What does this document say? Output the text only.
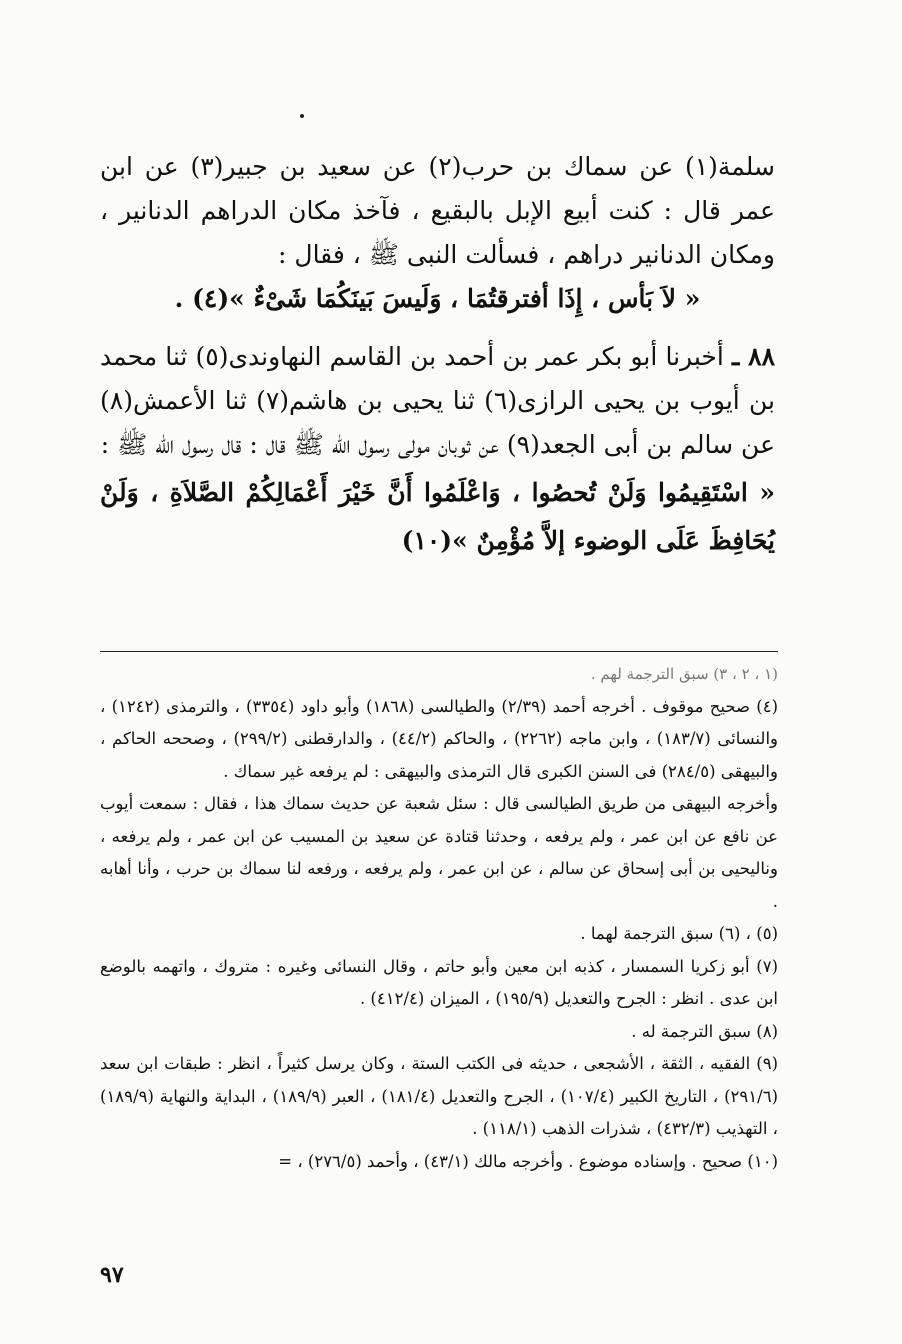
سلمة(١) عن سماك بن حرب(٢) عن سعيد بن جبير(٣) عن ابن عمر قال : كنت أبيع الإبل بالبقيع ، فآخذ مكان الدراهم الدنانير ، ومكان الدنانير دراهم ، فسألت النبى ﷺ ، فقال :

« لاَ بَأس ، إِذَا أفترقتُمَا ، وَلَيسَ بَينَكُمَا شَىْءٌ »(٤) .

٨٨ ـ أخبرنا أبو بكر عمر بن أحمد بن القاسم النهاوندى(٥) ثنا محمد بن أيوب بن يحيى الرازى(٦) ثنا يحيى بن هاشم(٧) ثنا الأعمش(٨) عن سالم بن أبى الجعد(٩) عن ثوبان مولى رسول الله ﷺ قال : قال رسول الله ﷺ :

« اسْتَقِيمُوا وَلَنْ تُحصُوا ، وَاعْلَمُوا أَنَّ خَيْرَ أَعْمَالِكُمْ الصَّلاَةِ ، وَلَنْ يُحَافِظَ عَلَى الوضوء إلاَّ مُؤْمِنٌ »(١٠)

(١ ، ٢ ، ٣) سبق الترجمة لهم .

(٤) صحيح موقوف . أخرجه أحمد (٢/٣٩) والطيالسى (١٨٦٨) وأبو داود (٣٣٥٤) ، والترمذى (١٢٤٢) ، والنسائى (١٨٣/٧) ، وابن ماجه (٢٢٦٢) ، والحاكم (٤٤/٢) ، والدارقطنى (٢٩٩/٢) ، وصححه الحاكم ، والبيهقى (٢٨٤/٥) فى السنن الكبرى قال الترمذى والبيهقى : لم يرفعه غير سماك .

وأخرجه البيهقى من طريق الطيالسى قال : سئل شعبة عن حديث سماك هذا ، فقال : سمعت أيوب عن نافع عن ابن عمر ، ولم يرفعه ، وحدثنا قتادة عن سعيد بن المسيب عن ابن عمر ، ولم يرفعه ، وناليحيى بن أبى إسحاق عن سالم ، عن ابن عمر ، ولم يرفعه ، ورفعه لنا سماك بن حرب ، وأنا أهابه .

(٥) ، (٦) سبق الترجمة لهما .

(٧) أبو زكريا السمسار ، كذبه ابن معين وأبو حاتم ، وقال النسائى وغيره : متروك ، واتهمه بالوضع ابن عدى . انظر : الجرح والتعديل (١٩٥/٩) ، الميزان (٤١٢/٤) .

(٨) سبق الترجمة له .

(٩) الفقيه ، الثقة ، الأشجعى ، حديثه فى الكتب الستة ، وكان يرسل كثيراً ، انظر : طبقات ابن سعد (٢٩١/٦) ، التاريخ الكبير (١٠٧/٤) ، الجرح والتعديل (١٨١/٤) ، العبر (١٨٩/٩) ، البداية والنهاية (١٨٩/٩) ، التهذيب (٤٣٢/٣) ، شذرات الذهب (١١٨/١) .

(١٠) صحيح . وإسناده موضوع . وأخرجه مالك (٤٣/١) ، وأحمد (٢٧٦/٥) ، =

٩٧
